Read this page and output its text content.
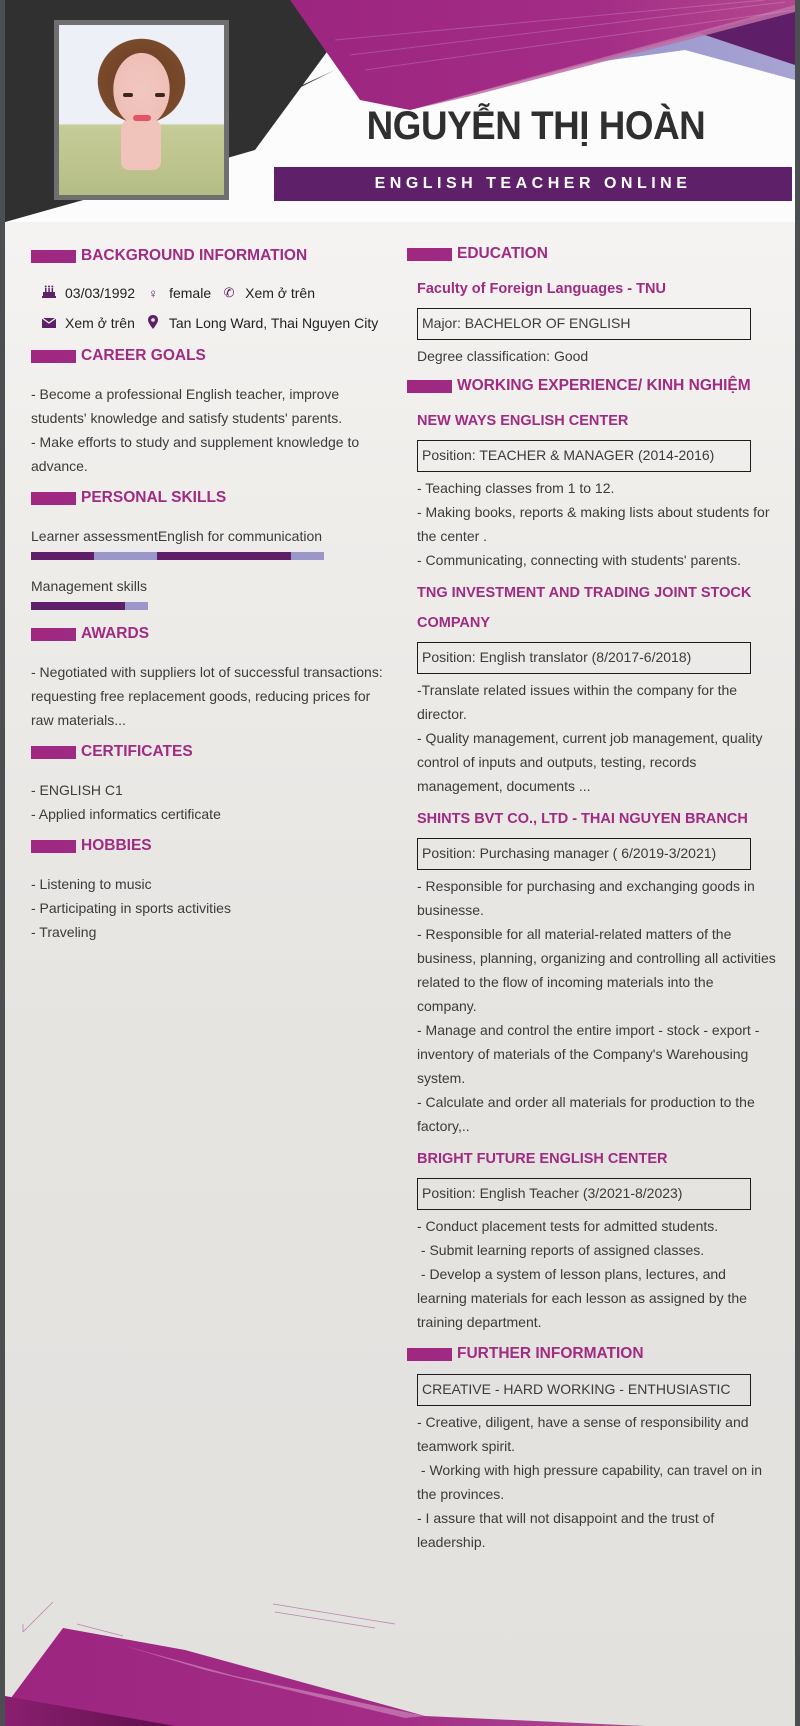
NGUYỄN THỊ HOÀN
ENGLISH TEACHER ONLINE
BACKGROUND INFORMATION
03/03/1992 ♀ female ✆ Xem ở trên
Xem ở trên Tan Long Ward, Thai Nguyen City
CAREER GOALS

- Become a professional English teacher, improve students' knowledge and satisfy students' parents.

- Make efforts to study and supplement knowledge to advance.

PERSONAL SKILLS
Learner assessmentEnglish for communication
Management skills
AWARDS

- Negotiated with suppliers lot of successful transactions: requesting free replacement goods, reducing prices for raw materials...

CERTIFICATES

- ENGLISH C1

- Applied informatics certificate

HOBBIES

- Listening to music

- Participating in sports activities

- Traveling

EDUCATION
Faculty of Foreign Languages - TNU
Major: BACHELOR OF ENGLISH
Degree classification: Good
WORKING EXPERIENCE/ KINH NGHIỆM
NEW WAYS ENGLISH CENTER
Position: TEACHER & MANAGER (2014-2016)

- Teaching classes from 1 to 12.

- Making books, reports & making lists about students for the center .

- Communicating, connecting with students' parents.

TNG INVESTMENT AND TRADING JOINT STOCK COMPANY
Position: English translator (8/2017-6/2018)

-Translate related issues within the company for the director.

- Quality management, current job management, quality control of inputs and outputs, testing, records management, documents ...

SHINTS BVT CO., LTD - THAI NGUYEN BRANCH
Position: Purchasing manager ( 6/2019-3/2021)

- Responsible for purchasing and exchanging goods in businesse.

- Responsible for all material-related matters of the business, planning, organizing and controlling all activities related to the flow of incoming materials into the company.

- Manage and control the entire import - stock - export - inventory of materials of the Company's Warehousing system.

- Calculate and order all materials for production to the factory,..

BRIGHT FUTURE ENGLISH CENTER
Position: English Teacher (3/2021-8/2023)

- Conduct placement tests for admitted students.

- Submit learning reports of assigned classes.

- Develop a system of lesson plans, lectures, and learning materials for each lesson as assigned by the training department.

FURTHER INFORMATION
CREATIVE - HARD WORKING - ENTHUSIASTIC

- Creative, diligent, have a sense of responsibility and teamwork spirit.

- Working with high pressure capability, can travel on in the provinces.

- I assure that will not disappoint and the trust of leadership.
